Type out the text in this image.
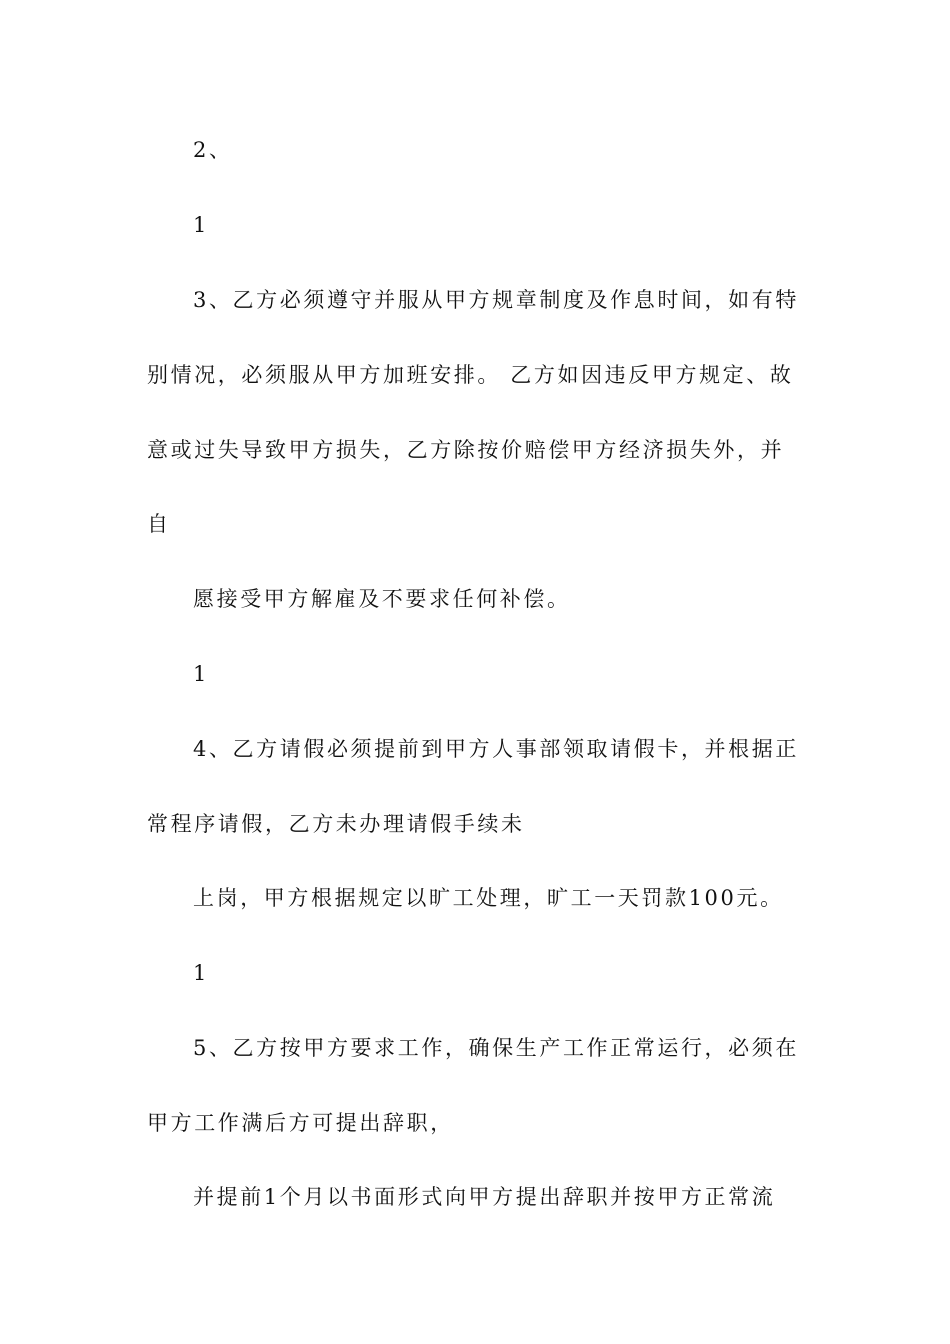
2、
1
3、乙方必须遵守并服从甲方规章制度及作息时间，如有特
别情况，必须服从甲方加班安排。 乙方如因违反甲方规定、故
意或过失导致甲方损失，乙方除按价赔偿甲方经济损失外，并
自
愿接受甲方解雇及不要求任何补偿。
1
4、乙方请假必须提前到甲方人事部领取请假卡，并根据正
常程序请假，乙方未办理请假手续未
上岗，甲方根据规定以旷工处理，旷工一天罚款100元。
1
5、乙方按甲方要求工作，确保生产工作正常运行，必须在
甲方工作满后方可提出辞职，
并提前1个月以书面形式向甲方提出辞职并按甲方正常流
